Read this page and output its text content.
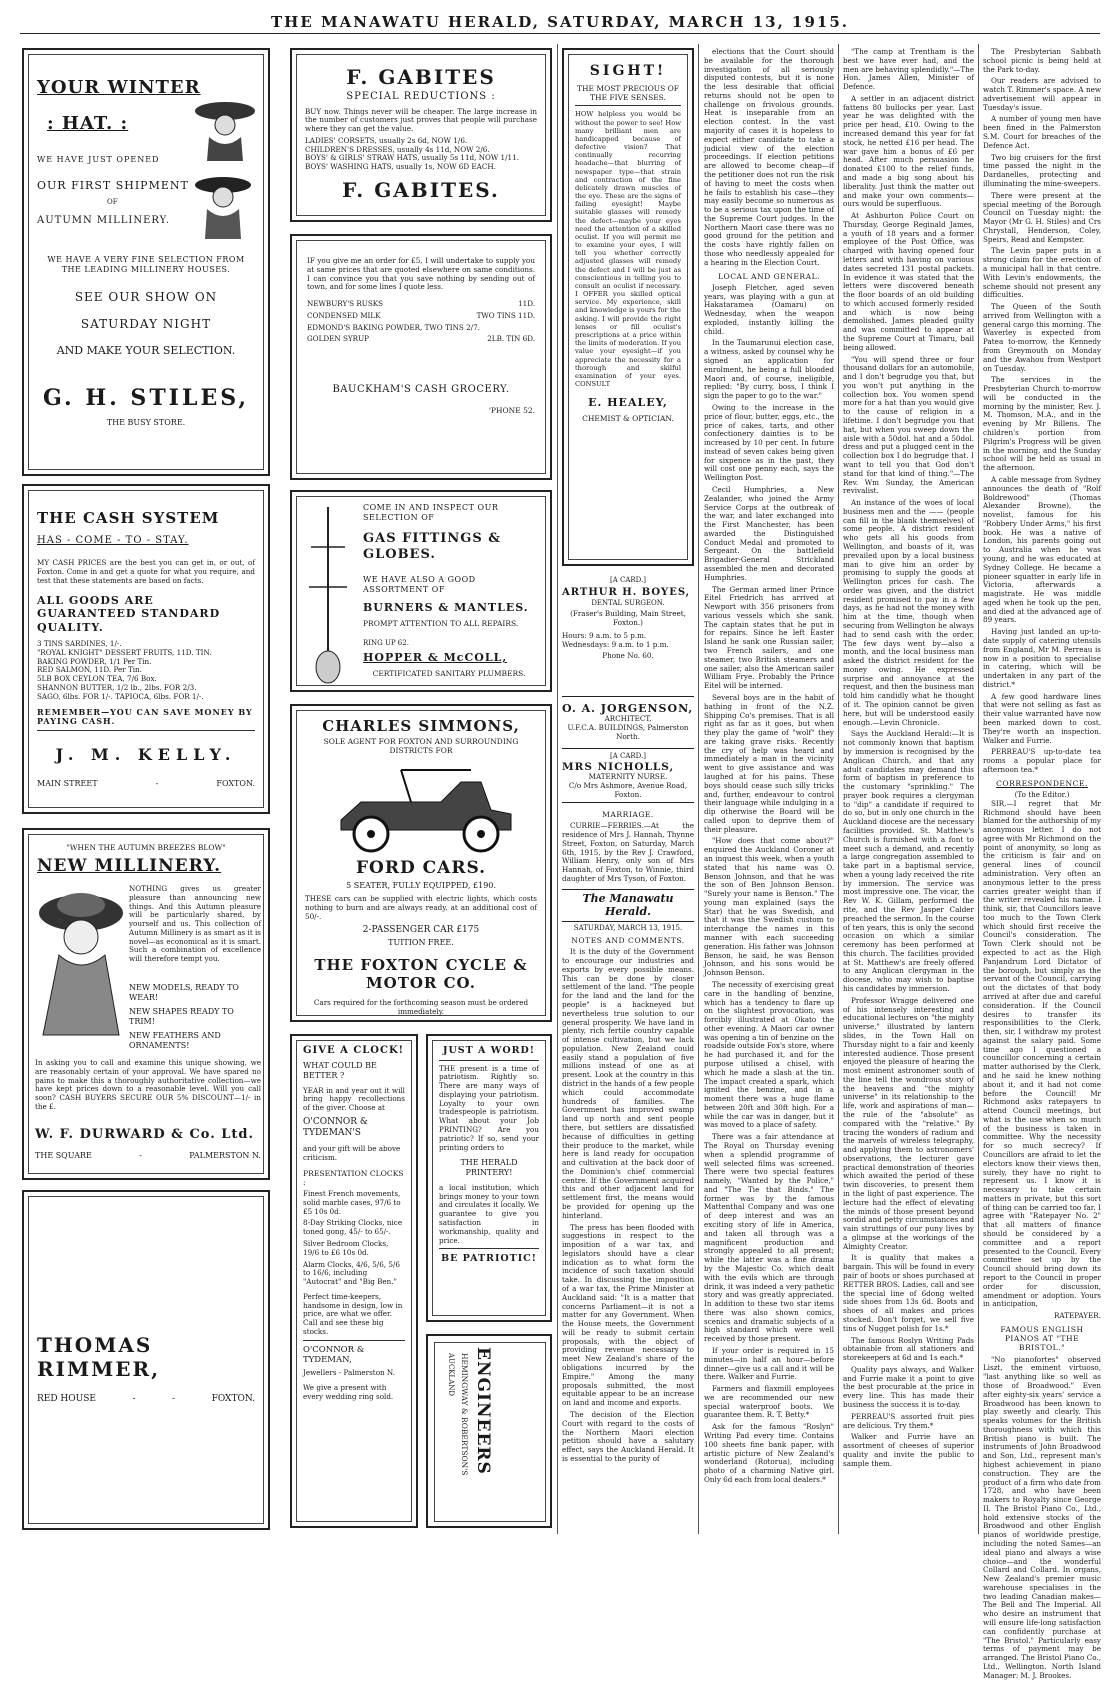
THE MANAWATU HERALD, SATURDAY, MARCH 13, 1915.
YOUR WINTER
: HAT. :
WE HAVE JUST OPENED
OUR FIRST SHIPMENT
OF
AUTUMN MILLINERY.
WE HAVE A VERY FINE SELECTION FROM THE LEADING MILLINERY HOUSES.
SEE OUR SHOW ON
SATURDAY NIGHT
AND MAKE YOUR SELECTION.
G. H. STILES,
THE BUSY STORE.
THE CASH SYSTEM
HAS - COME - TO - STAY.
MY CASH PRICES are the best you can get in, or out, of Foxton. Come in and get a quote for what you require, and test that these statements are based on facts.
ALL GOODS ARE GUARANTEED STANDARD QUALITY.
3 TINS SARDINES, 1/-.
"ROYAL KNIGHT" DESSERT FRUITS, 11D. TIN.
BAKING POWDER, 1/1 Per Tin.
RED SALMON, 11D. Per Tin.
5LB BOX CEYLON TEA, 7/6 Box.
SHANNON BUTTER, 1/2 lb., 2lbs. FOR 2/3.
SAGO, 6lbs. FOR 1/-. TAPIOCA, 6lbs. FOR 1/-.
REMEMBER—YOU CAN SAVE MONEY BY PAYING CASH.
J. M. KELLY.
MAIN STREET	-	FOXTON.
"WHEN THE AUTUMN BREEZES BLOW"
NEW MILLINERY.
NOTHING gives us greater pleasure than announcing new things. And this Autumn pleasure will be particularly shared, by yourself and us. This collection of Autumn Millinery is as smart as it is novel—as economical as it is smart. Such a combination of excellence will therefore tempt you.
NEW MODELS, READY TO WEAR!
NEW SHAPES READY TO TRIM!
NEW FEATHERS AND ORNAMENTS!
In asking you to call and examine this unique showing, we are reasonably certain of your approval. We have spared no pains to make this a thoroughly authoritative collection—we have kept prices down to a reasonable level. Will you call soon? CASH BUYERS SECURE OUR 5% DISCOUNT—1/- in the £.
W. F. DURWARD & Co. Ltd.
THE SQUARE	-	PALMERSTON N.
THOMAS RIMMER,
RED HOUSE	-	-	FOXTON.
F. GABITES
SPECIAL REDUCTIONS :
BUY now. Things never will be cheaper. The large increase in the number of customers just proves that people will purchase where they can get the value.
LADIES' CORSETS, usually 2s 6d, NOW 1/6.
CHILDREN'S DRESSES, usually 4s 11d, NOW 2/6.
BOYS' & GIRLS' STRAW HATS, usually 5s 11d, NOW 1/11.
BOYS' WASHING HATS, usually 1s, NOW 6D EACH.
F. GABITES.
IF you give me an order for £5, I will undertake to supply you at same prices that are quoted elsewhere on same conditions. I can convince you that you save nothing by sending out of town, and for some lines I quote less.
NEWBURY'S RUSKS	11D.
CONDENSED MILK	TWO TINS 11D.
EDMOND'S BAKING POWDER, TWO TINS 2/7.
GOLDEN SYRUP	2LB. TIN 6D.
BAUCKHAM'S CASH GROCERY.
'PHONE 52.
COME IN AND INSPECT OUR SELECTION OF
GAS FITTINGS & GLOBES.
WE HAVE ALSO A GOOD ASSORTMENT OF
BURNERS & MANTLES.
PROMPT ATTENTION TO ALL REPAIRS.
RING UP 62.
HOPPER & McCOLL,
CERTIFICATED SANITARY PLUMBERS.
CHARLES SIMMONS,
SOLE AGENT FOR FOXTON AND SURROUNDING DISTRICTS FOR
FORD CARS.
5 SEATER, FULLY EQUIPPED, £190.
THESE cars can be supplied with electric lights, which costs nothing to burn and are always ready, at an additional cost of 50/-.
2-PASSENGER CAR £175
TUITION FREE.
THE FOXTON CYCLE & MOTOR CO.
Cars required for the forthcoming season must be ordered immediately.
GIVE A CLOCK!
WHAT COULD BE BETTER ?
YEAR in and year out it will bring happy recollections of the giver. Choose at
O'CONNOR & TYDEMAN'S
and your gift will be above criticism.
PRESENTATION CLOCKS :
Finest French movements, solid marble cases, 97/6 to £5 10s 0d.
8-Day Striking Clocks, nice toned gong, 45/- to 65/-.
Silver Bedroom Clocks, 19/6 to £6 10s 0d.
Alarm Clocks, 4/6, 5/6, 5/6 to 16/6, including "Autocrat" and "Big Ben."
Perfect time-keepers, handsome in design, low in price, are what we offer. Call and see these big stocks.
O'CONNOR & TYDEMAN,
Jewellers - Palmerston N.
We give a present with every wedding ring sold.
JUST A WORD!
THE present is a time of patriotism. Rightly so. There are many ways of displaying your patriotism. Loyalty to your own tradespeople is patriotism. What about your Job PRINTING? Are you patriotic? If so, send your printing orders to
THE HERALD PRINTERY!
a local institution, which brings money to your town and circulates it locally. We guarantee to give you satisfaction in workmanship, quality and price.
BE PATRIOTIC!
ENGINEERS
HEMINGWAY & ROBERTSON'S
AUCKLAND
SIGHT!
THE MOST PRECIOUS OF THE FIVE SENSES.
HOW helpless you would be without the power to see! How many brilliant men are handicapped because of defective vision? That continually recurring headache—that blurring of newspaper type—that strain and contraction of the fine delicately drawn muscles of the eye. These are the signs of failing eyesight! Maybe suitable glasses will remedy the defect—maybe your eyes need the attention of a skilled oculist. If you will permit me to examine your eyes, I will tell you whether correctly adjusted glasses will remedy the defect and I will be just as conscientious in telling you to consult an oculist if necessary. I OFFER you skilled optical service. My experience, skill and knowledge is yours for the asking. I will provide the right lenses or fill oculist's prescriptions at a price within the limits of moderation. If you value your eyesight—if you appreciate the necessity for a thorough and skilful examination of your eyes. CONSULT
E. HEALEY,
CHEMIST & OPTICIAN.
[A CARD.]
ARTHUR H. BOYES,
DENTAL SURGEON.
(Fraser's Building, Main Street, Foxton.)
Hours: 9 a.m. to 5 p.m. Wednesdays: 9 a.m. to 1 p.m.
Phone No. 60.
O. A. JORGENSON,
ARCHITECT,
U.F.C.A. BUILDINGS, Palmerston North.
[A CARD.]
MRS NICHOLLS,
MATERNITY NURSE.
C/o Mrs Ashmore, Avenue Road, Foxton.
MARRIAGE.

CURRIE—FERRIES.—At the residence of Mrs J. Hannah, Thynne Street, Foxton, on Saturday, March 6th, 1915, by the Rev J. Crawford, William Henry, only son of Mrs Hannah, of Foxton, to Winnie, third daughter of Mrs Tyson, of Foxton.

The Manawatu Herald.
SATURDAY, MARCH 13, 1915.
NOTES AND COMMENTS.

It is the duty of the Government to encourage our industries and exports by every possible means. This can be done by closer settlement of the land. "The people for the land and the land for the people" is a hackneyed but nevertheless true solution to our general prosperity. We have land in plenty, rich fertile country capable of intense cultivation, but we lack population. New Zealand could easily stand a population of five millions instead of one as at present. Look at the country in this district in the hands of a few people which could accommodate hundreds of families. The Government has improved swamp land up north and sent people there, but settlers are dissatisfied because of difficulties in getting their produce to the market, while here is land ready for occupation and cultivation at the back door of the Dominion's chief commercial centre. If the Government acquired this and other adjacent land for settlement first, the means would be provided for opening up the hinterland.

The press has been flooded with suggestions in respect to the imposition of a war tax, and legislators should have a clear indication as to what form the incidence of such taxation should take. In discussing the imposition of a war tax, the Prime Minister at Auckland said: "It is a matter that concerns Parliament—it is not a matter for any Government. When the House meets, the Government will be ready to submit certain proposals, with the object of providing revenue necessary to meet New Zealand's share of the obligations incurred by the Empire." Among the many proposals submitted, the most equitable appear to be an increase on land and income and exports.

The decision of the Election Court with regard to the costs of the Northern Maori election petition should have a salutary effect, says the Auckland Herald. It is essential to the purity of

elections that the Court should be available for the thorough investigation of all seriously disputed contests, but it is none the less desirable that official returns should not be open to challenge on frivolous grounds. Heat is inseparable from an election contest. In the vast majority of cases it is hopeless to expect either candidate to take a judicial view of the election proceedings. If election petitions are allowed to become cheap—if the petitioner does not run the risk of having to meet the costs when he fails to establish his case—they may easily become so numerous as to be a serious tax upon the time of the Supreme Court judges. In the Northern Maori case there was no good ground for the petition and the costs have rightly fallen on those who needlessly appealed for a hearing in the Election Court.

LOCAL AND GENERAL.

Joseph Fletcher, aged seven years, was playing with a gun at Hakataramea (Oamaru) on Wednesday, when the weapon exploded, instantly killing the child.

In the Taumarunui election case, a witness, asked by counsel why he signed an application for enrolment, he being a full blooded Maori and, of course, ineligible, replied: "By curry, boss, I think I sign the paper to go to the war."

Owing to the increase in the price of flour, butter, eggs, etc., the price of cakes, tarts, and other confectionery dainties is to be increased by 10 per cent. In future instead of seven cakes being given for sixpence as in the past, they will cost one penny each, says the Wellington Post.

Cecil Humphries, a New Zealander, who joined the Army Service Corps at the outbreak of the war, and later exchanged into the First Manchester, has been awarded the Distinguished Conduct Medal and promoted to Sergeant. On the battlefield Brigadier-General Strickland assembled the men and decorated Humphries.

The German armed liner Prince Eitel Friedrich has arrived at Newport with 356 prisoners from various vessels which she sank. The captain states that he put in for repairs. Since he left Easter Island he sank one Russian sailer, two French sailers, and one steamer, two British steamers and one sailer, also the American sailer William Frye. Probably the Prince Eitel will be interned.

Several boys are in the habit of bathing in front of the N.Z. Shipping Co's premises. That is all right as far as it goes, but when they play the game of "wolf" they are taking grave risks. Recently the cry of help was heard and immediately a man in the vicinity went to give assistance and was laughed at for his pains. These boys should cease such silly tricks and, further, endeavour to control their language while indulging in a dip otherwise the Board will be called upon to deprive them of their pleasure.

"How does that come about?" enquired the Auckland Coroner at an inquest this week, when a youth stated that his name was O. Benson Johnson, and that he was the son of Ben Johnson Benson. "Surely your name is Benson." The young man explained (says the Star) that he was Swedish, and that it was the Swedish custom to interchange the names in this manner with each succeeding generation. His father was Johnson Benson, he said, he was Benson Johnson, and his sons would be Johnson Benson.

The necessity of exercising great care in the handling of benzine, which has a tendency to flare up on the slightest provocation, was forcibly illustrated at Okato the other evening. A Maori car owner was opening a tin of benzine on the roadside outside Fox's store, where he had purchased it, and for the purpose utilised a chisel, with which he made a slash at the tin. The impact created a spark, which ignited the benzine, and in a moment there was a huge flame between 20ft and 30ft high. For a while the car was in danger, but it was moved to a place of safety.

There was a fair attendance at The Royal on Thursday evening when a splendid programme of well selected films was screened. There were two special features namely, "Wanted by the Police," and "The Tie that Binds." The former was by the famous Mattenthal Company and was one of deep interest and was an exciting story of life in America, and taken all through was a magnificent production and strongly appealed to all present; while the latter was a fine drama by the Majestic Co. which dealt with the evils which are through drink, it was indeed a very pathetic story and was greatly appreciated. In addition to these two star items there was also shown comics, scenics and dramatic subjects of a high standard which were well received by those present.

If your order is required in 15 minutes—in half an hour—before dinner—give us a call and it will be there. Walker and Furrie.

Farmers and flaxmill employees we are recommended our new special waterproof boots. We guarantee them. R. T. Betty.*

Ask for the famous "Roslyn" Writing Pad every time. Contains 100 sheets fine bank paper, with artistic picture of New Zealand's wonderland (Rotorua), including photo of a charming Native girl. Only 6d each from local dealers.*

"The camp at Trentham is the best we have ever had, and the men are behaving splendidly."—The Hon. James Allen, Minister of Defence.

A settler in an adjacent district fattens 80 bullocks per year. Last year he was delighted with the price per head, £10. Owing to the increased demand this year for fat stock, he netted £16 per head. The war gave him a bonus of £6 per head. After much persuasion he donated £100 to the relief funds, and made a big song about his liberality. Just think the matter out and make your own comments—ours would be superfluous.

At Ashburton Police Court on Thursday, George Reginald James, a youth of 18 years and a former employee of the Post Office, was charged with having opened four letters and with having on various dates secreted 131 postal packets. In evidence it was stated that the letters were discovered beneath the floor boards of an old building to which accused formerly resided and which is now being demolished. James pleaded guilty and was committed to appear at the Supreme Court at Timaru, bail being allowed.

"You will spend three or four thousand dollars for an automobile, and I don't begrudge you that, but you won't put anything in the collection box. You women spend more for a hat than you would give to the cause of religion in a lifetime. I don't begrudge you that hat, but when you sweep down the aisle with a 50dol. hat and a 50dol. dress and put a plugged cent in the collection box I do begrudge that. I want to tell you that God don't stand for that kind of thing."—The Rev. Wm Sunday, the American revivalist.

An instance of the woes of local business men and the —— (people can fill in the blank themselves) of some people. A district resident who gets all his goods from Wellington, and boasts of it, was prevailed upon by a local business man to give him an order by promising to supply the goods at Wellington prices for cash. The order was given, and the district resident promised to pay in a few days, as he had not the money with him at the time, though when securing from Wellington he always had to send cash with the order. The few days went by—also a month, and the local business man asked the district resident for the money owing. He expressed surprise and annoyance at the request, and then the business man told him candidly what he thought of it. The opinion cannot be given here, but will be understood easily enough.—Levin Chronicle.

Says the Auckland Herald:—It is not commonly known that baptism by immersion is recognised by the Anglican Church, and that any adult candidates may demand this form of baptism in preference to the customary "sprinkling." The prayer book requires a clergyman to "dip" a candidate if required to do so, but in only one church in the Auckland diocese are the necessary facilities provided. St. Matthew's Church is furnished with a font to meet such a demand, and recently a large congregation assembled to take part in a baptismal service, when a young lady received the rite by immersion. The service was most impressive one. The vicar, the Rev W. K. Gillam, performed the rite, and the Rev Jasper Calder preached the sermon. In the course of ten years, this is only the second occasion on which a similar ceremony has been performed at this church. The facilities provided at St. Matthew's are freely offered to any Anglican clergyman in the diocese, who may wish to baptise his candidates by immersion.

Professor Wragge delivered one of his intensely interesting and educational lectures on "the mighty universe," illustrated by lantern slides, in the Town Hall on Thursday night to a fair and keenly interested audience. Those present enjoyed the pleasure of hearing the most eminent astronomer south of the line tell the wondrous story of the heavens and "the mighty universe" in its relationship to the life, work and aspirations of man—the rule of the "absolute" as compared with the "relative." By tracing the wonders of radium and the marvels of wireless telegraphy, and applying them to astronomers' observations, the lecturer gave practical demonstration of theories which awaited the period of these twin discoveries, to present them in the light of past experience. The lecture had the effect of elevating the minds of those present beyond sordid and petty circumstances and vain struttings of our puny lives by a glimpse at the workings of the Almighty Creator.

It is quality that makes a bargain. This will be found in every pair of boots or shoes purchased at RETTER BROS. Ladies, call and see the special line of 6dong welted side shoes from 13s 6d. Boots and shoes of all makes and prices stocked. Don't forget, we sell five tins of Nugget polish for 1s.*

The famous Roslyn Writing Pads obtainable from all stationers and storekeepers at 6d and 1s each.*

Quality pays always, and Walker and Furrie make it a point to give the best procurable at the price in every line. This has made their business the success it is to-day.

PERREAU'S assorted fruit pies are delicious. Try them.*

Walker and Furrie have an assortment of cheeses of superior quality and invite the public to sample them.

The Presbyterian Sabbath school picnic is being held at the Park to-day.

Our readers are advised to watch T. Rimmer's space. A new advertisement will appear in Tuesday's issue.

A number of young men have been fined in the Palmerston S.M. Court for breaches of the Defence Act.

Two big cruisers for the first time passed the night in the Dardanelles, protecting and illuminating the mine-sweepers.

There were present at the special meeting of the Borough Council on Tuesday night: the Mayor (Mr G. H. Stiles) and Crs Chrystall, Henderson, Coley, Speirs, Read and Kempster.

The Levin paper puts in a strong claim for the erection of a municipal hall in that centre. With Levin's endowments, the scheme should not present any difficulties.

The Queen of the South arrived from Wellington with a general cargo this morning. The Waverley is expected from Patea to-morrow, the Kennedy from Greymouth on Monday and the Awahou from Westport on Tuesday.

The services in the Presbyterian Church to-morrow will be conducted in the morning by the minister, Rev. J. M. Thomson, M.A., and in the evening by Mr Billens. The children's portion from Pilgrim's Progress will be given in the morning, and the Sunday school will be held as usual in the afternoon.

A cable message from Sydney announces the death of "Rolf Boldrewood" (Thomas Alexander Browne), the novelist, famous for his "Robbery Under Arms," his first book. He was a native of London, his parents going out to Australia when he was young, and he was educated at Sydney College. He became a pioneer squatter in early life in Victoria, afterwards a magistrate. He was middle aged when he took up the pen, and died at the advanced age of 89 years.

Having just landed an up-to-date supply of catering utensils from England, Mr M. Perreau is now in a position to specialise in catering, which will be undertaken in any part of the district.*

A few good hardware lines that were not selling as fast as their value warranted have now been marked down to cost. They're worth an inspection. Walker and Furrie.

PERREAU'S up-to-date tea rooms a popular place for afternoon tea.*

CORRESPONDENCE.
(To the Editor.)

SIR,—I regret that Mr Richmond should have been blamed for the authorship of my anonymous letter. I do not agree with Mr Richmond on the point of anonymity, so long as the criticism is fair and on general lines of council administration. Very often an anonymous letter to the press carries greater weight than if the writer revealed his name. I think, sir, that Councillors leave too much to the Town Clerk which should first receive the Council's consideration. The Town Clerk should not be expected to act as the High Panjandrum Lord Dictator of the borough, but simply as the servant of the Council, carrying out the dictates of that body arrived at after due and careful consideration. If the Council desires to transfer its responsibilities to the Clerk, then, sir, I withdraw my protest against the salary paid. Some time ago I questioned a councillor concerning a certain matter authorised by the Clerk, and he said he knew nothing about it, and it had not come before the Council! Mr Richmond asks ratepayers to attend Council meetings, but what is the use when so much of the business is taken in committee. Why the necessity for so much secrecy? If Councillors are afraid to let the electors know their views then, surely, they have no right to represent us. I know it is necessary to take certain matters in private, but this sort of thing can be carried too far. I agree with "Ratepayer No. 2" that all matters of finance should be considered by a committee and a report presented to the Council. Every committee set up by the Council should bring down its report to the Council in proper order for discussion, amendment or adoption. Yours in anticipation,

RATEPAYER.
FAMOUS ENGLISH PIANOS AT "THE BRISTOL."

"No pianofortes" observed Liszt, the eminent virtuoso, "last anything like so well as those of Broadwood." Even after eighty-six years' service a Broadwood has been known to play sweetly and clearly. This speaks volumes for the British thoroughness with which this British piano is built. The instruments of John Broadwood and Son, Ltd., represent man's highest achievement in piano construction. They are the product of a firm who date from 1728, and who have been makers to Royalty since George II. The Bristol Piano Co., Ltd., hold extensive stocks of the Broadwood and other English pianos of worldwide prestige, including the noted Sames—an ideal piano and always a wise choice—and the wonderful Collard and Collard. In organs, New Zealand's premier music warehouse specialises in the two leading Canadian makes—The Bell and The Imperial. All who desire an instrument that will ensure life-long satisfaction can confidently purchase at "The Bristol." Particularly easy terms of payment may be arranged. The Bristol Piano Co., Ltd., Wellington. North Island Manager: M. J. Brookes.
